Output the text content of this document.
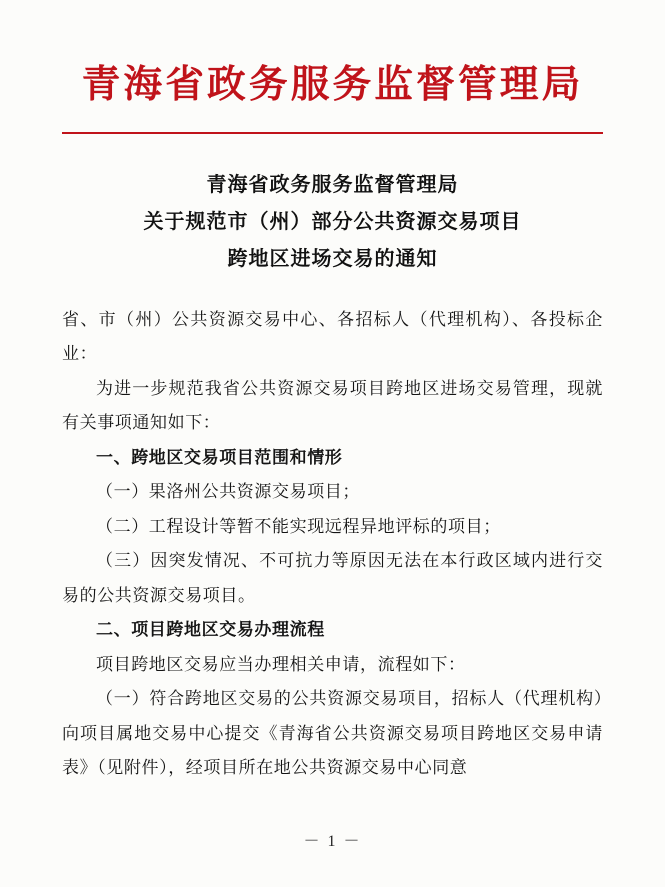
青海省政务服务监督管理局
青海省政务服务监督管理局
关于规范市（州）部分公共资源交易项目
跨地区进场交易的通知

省、市（州）公共资源交易中心、各招标人（代理机构）、各投标企业：

为进一步规范我省公共资源交易项目跨地区进场交易管理，现就有关事项通知如下：

一、跨地区交易项目范围和情形

（一）果洛州公共资源交易项目；

（二）工程设计等暂不能实现远程异地评标的项目；

（三）因突发情况、不可抗力等原因无法在本行政区域内进行交易的公共资源交易项目。

二、项目跨地区交易办理流程

项目跨地区交易应当办理相关申请，流程如下：

（一）符合跨地区交易的公共资源交易项目，招标人（代理机构）向项目属地交易中心提交《青海省公共资源交易项目跨地区交易申请表》（见附件），经项目所在地公共资源交易中心同意

－ 1 －
